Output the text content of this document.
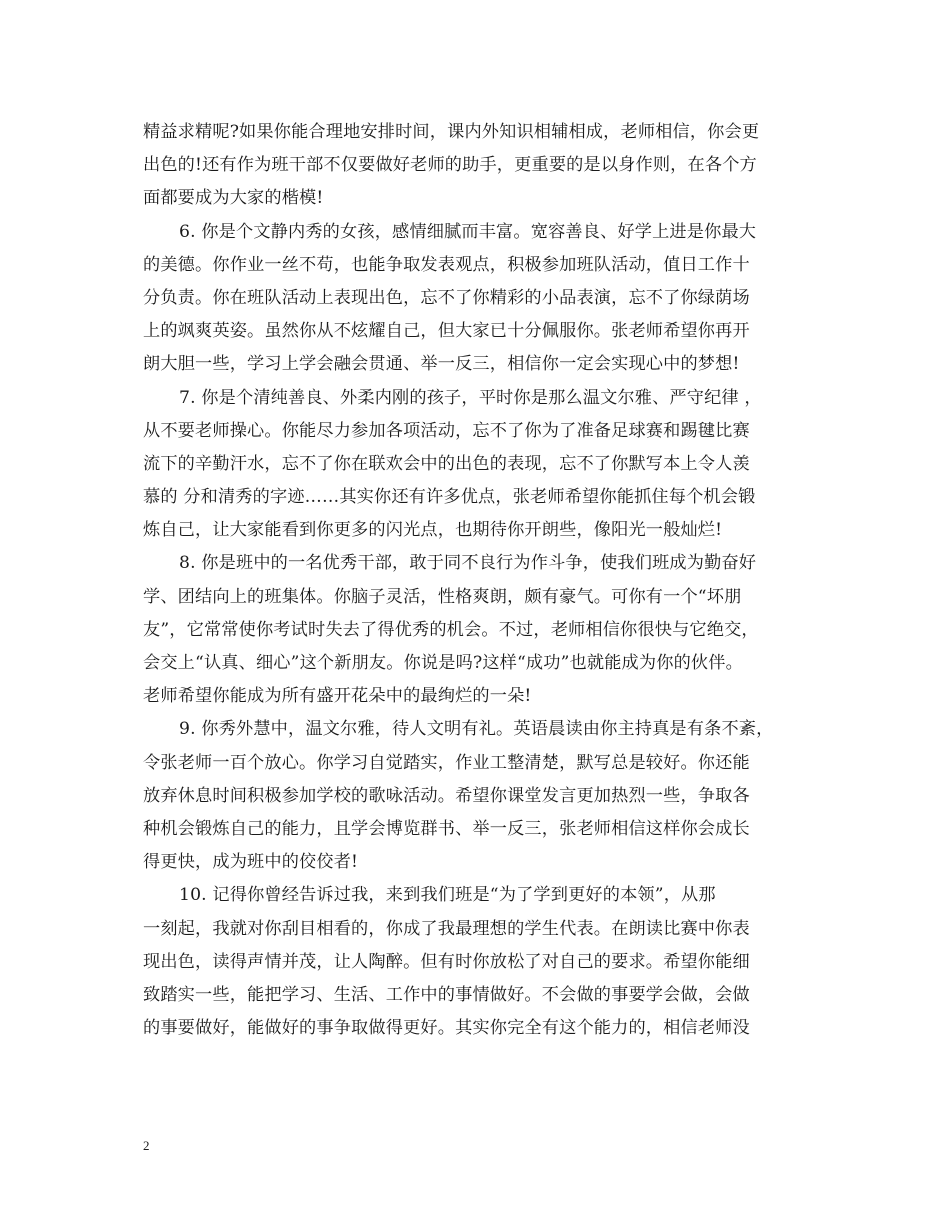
精益求精呢?如果你能合理地安排时间，课内外知识相辅相成，老师相信，你会更
出色的!还有作为班干部不仅要做好老师的助手，更重要的是以身作则，在各个方
面都要成为大家的楷模!
6. 你是个文静内秀的女孩，感情细腻而丰富。宽容善良、好学上进是你最大
的美德。你作业一丝不苟，也能争取发表观点，积极参加班队活动，值日工作十
分负责。你在班队活动上表现出色，忘不了你精彩的小品表演，忘不了你绿荫场
上的飒爽英姿。虽然你从不炫耀自己，但大家已十分佩服你。张老师希望你再开
朗大胆一些，学习上学会融会贯通、举一反三，相信你一定会实现心中的梦想!
7. 你是个清纯善良、外柔内刚的孩子，平时你是那么温文尔雅、严守纪律 ，
从不要老师操心。你能尽力参加各项活动，忘不了你为了准备足球赛和踢毽比赛
流下的辛勤汗水，忘不了你在联欢会中的出色的表现，忘不了你默写本上令人羡
慕的 分和清秀的字迹……其实你还有许多优点，张老师希望你能抓住每个机会锻
炼自己，让大家能看到你更多的闪光点，也期待你开朗些，像阳光一般灿烂!
8. 你是班中的一名优秀干部，敢于同不良行为作斗争，使我们班成为勤奋好
学、团结向上的班集体。你脑子灵活，性格爽朗，颇有豪气。可你有一个“坏朋
友”，它常常使你考试时失去了得优秀的机会。不过，老师相信你很快与它绝交，
会交上“认真、细心”这个新朋友。你说是吗?这样“成功”也就能成为你的伙伴。
老师希望你能成为所有盛开花朵中的最绚烂的一朵!
9. 你秀外慧中，温文尔雅，待人文明有礼。英语晨读由你主持真是有条不紊，
令张老师一百个放心。你学习自觉踏实，作业工整清楚，默写总是较好。你还能
放弃休息时间积极参加学校的歌咏活动。希望你课堂发言更加热烈一些，争取各
种机会锻炼自己的能力，且学会博览群书、举一反三，张老师相信这样你会成长
得更快，成为班中的佼佼者!
10. 记得你曾经告诉过我，来到我们班是“为了学到更好的本领”，从那
一刻起，我就对你刮目相看的，你成了我最理想的学生代表。在朗读比赛中你表
现出色，读得声情并茂，让人陶醉。但有时你放松了对自己的要求。希望你能细
致踏实一些，能把学习、生活、工作中的事情做好。不会做的事要学会做，会做
的事要做好，能做好的事争取做得更好。其实你完全有这个能力的，相信老师没
2
